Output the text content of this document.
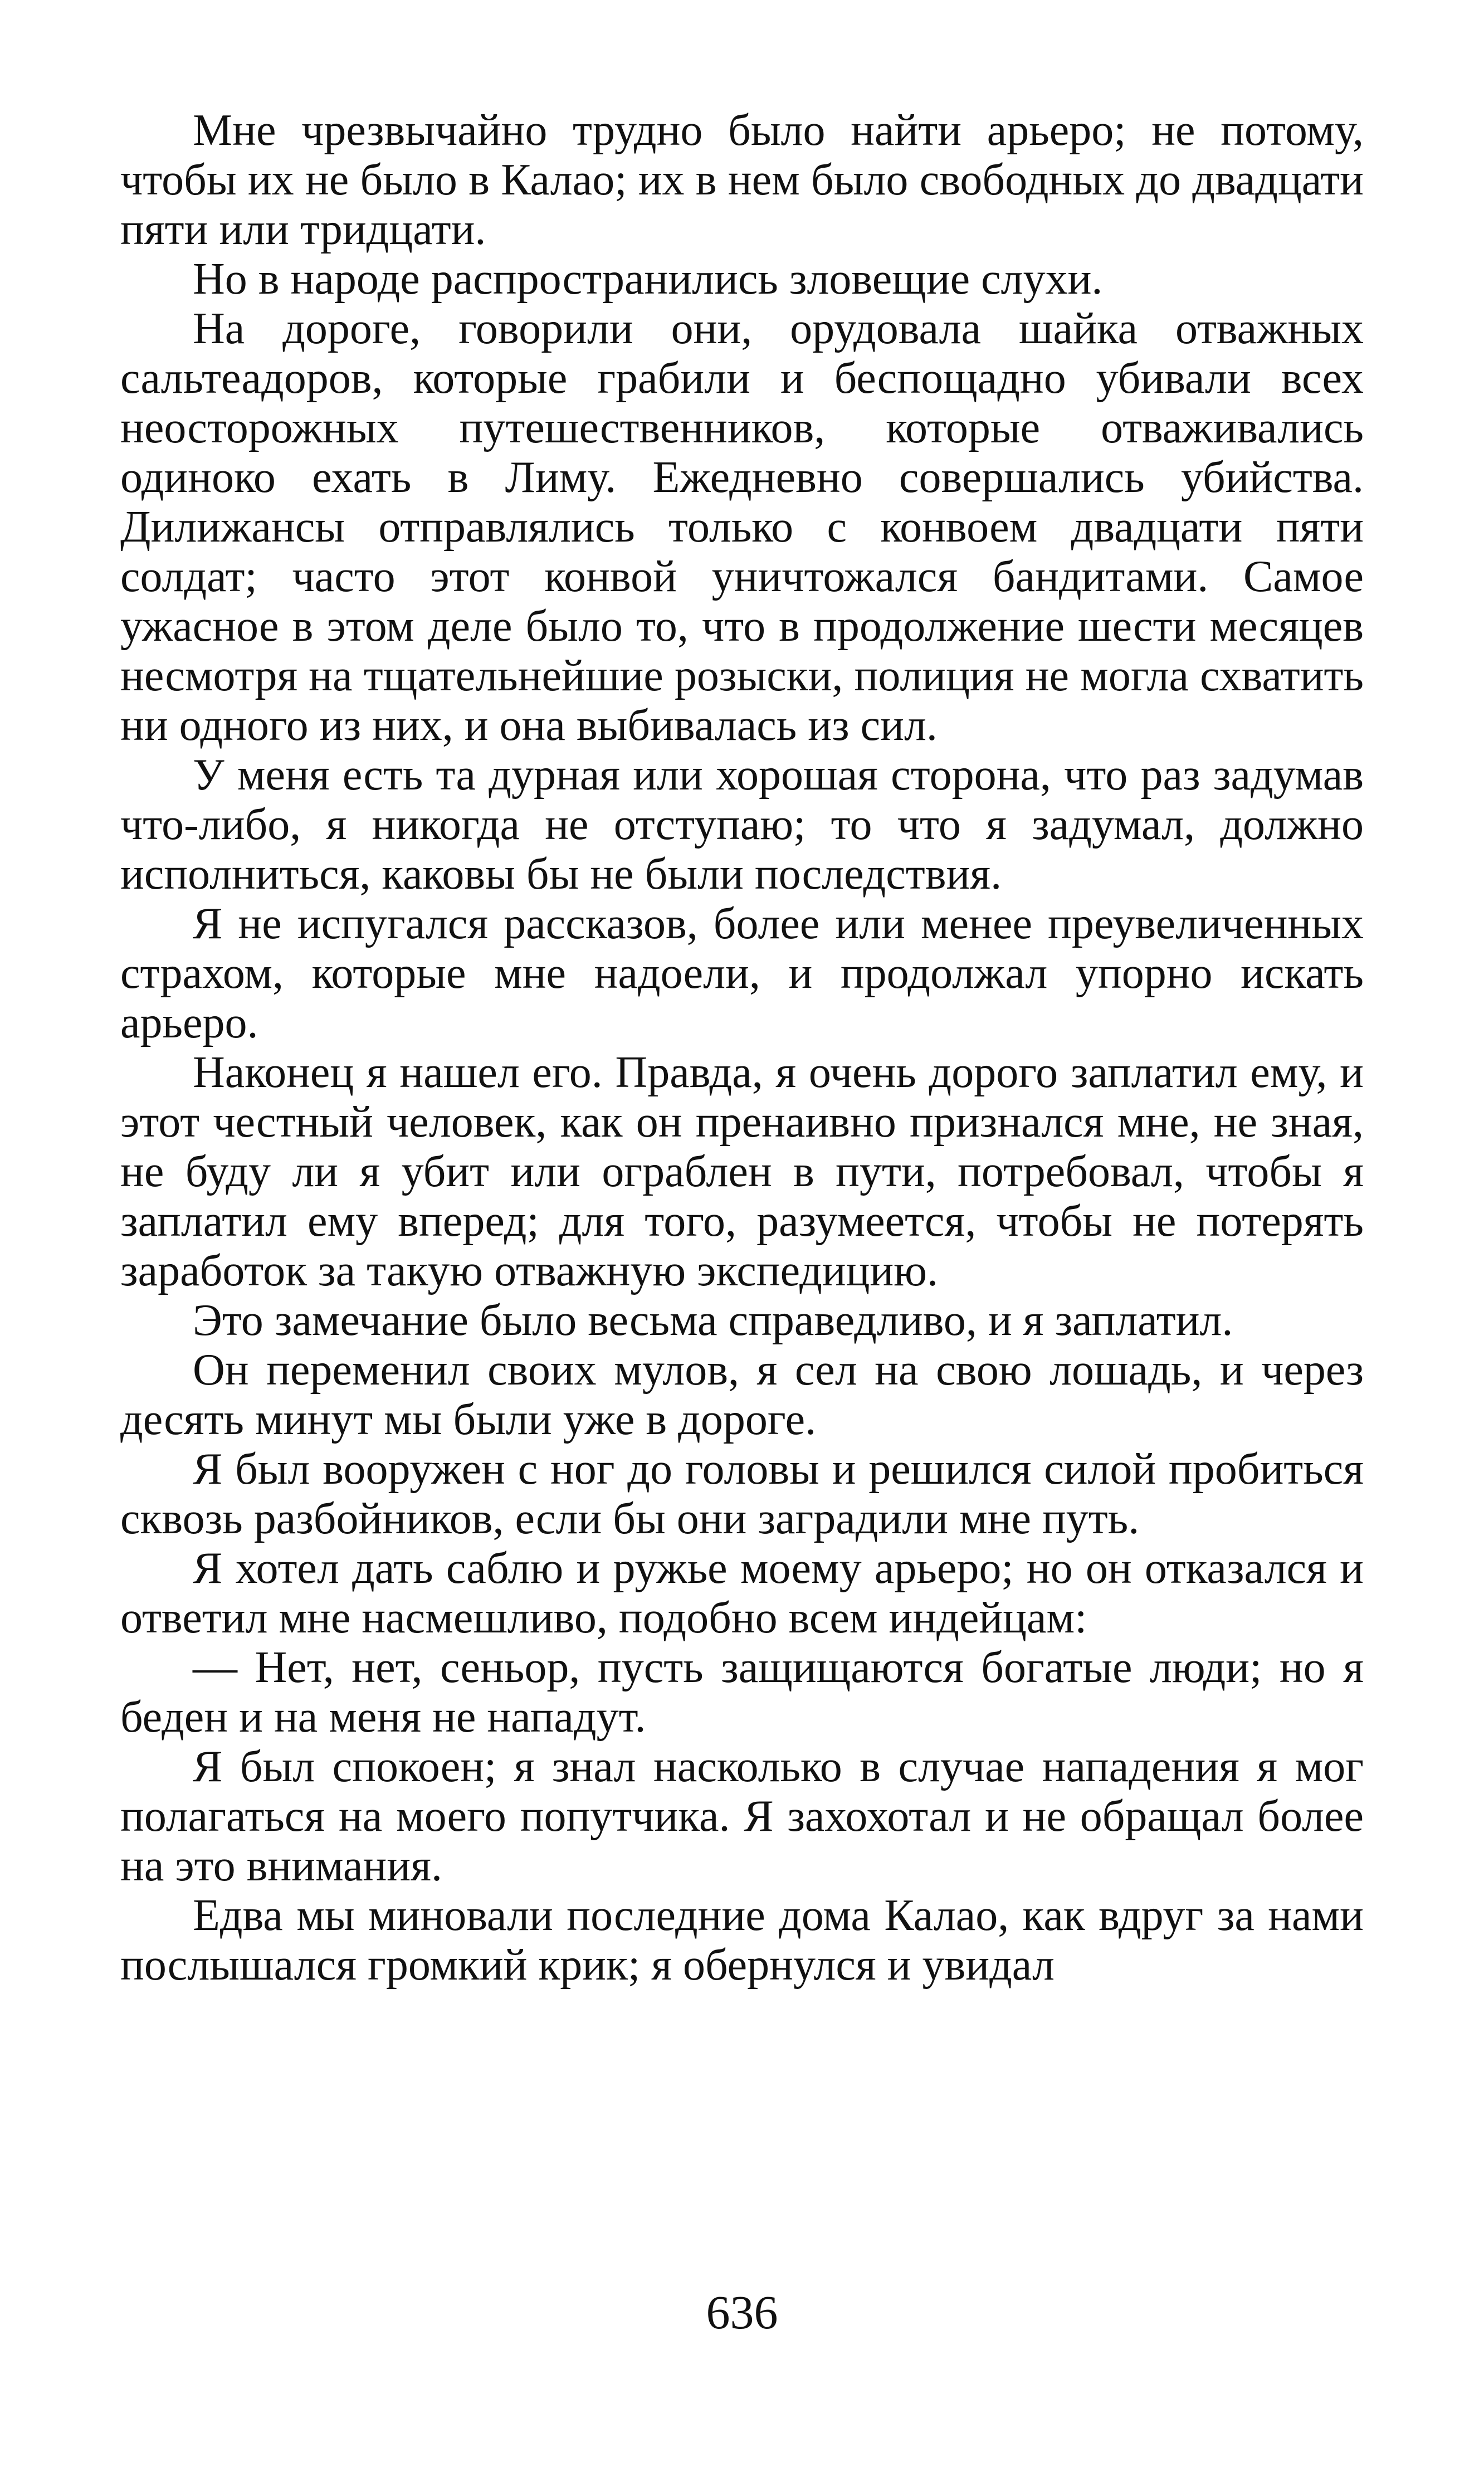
Мне чрезвычайно трудно было найти арьеро; не потому, чтобы их не было в Калао; их в нем было свободных до двадцати пяти или тридцати.

Но в народе распространились зловещие слухи.

На дороге, говорили они, орудовала шайка отважных сальтеадоров, которые грабили и беспощадно убивали всех неосторожных путешественников, которые отваживались одиноко ехать в Лиму. Ежедневно совершались убийства. Дилижансы отправлялись только с конвоем двадцати пяти солдат; часто этот конвой уничтожался бандитами. Самое ужасное в этом деле было то, что в продолжение шести месяцев несмотря на тщательнейшие розыски, полиция не могла схватить ни одного из них, и она выбивалась из сил.

У меня есть та дурная или хорошая сторона, что раз задумав что-либо, я никогда не отступаю; то что я задумал, должно исполниться, каковы бы не были последствия.

Я не испугался рассказов, более или менее преувеличенных страхом, которые мне надоели, и продолжал упорно искать арьеро.

Наконец я нашел его. Правда, я очень дорого заплатил ему, и этот честный человек, как он пренаивно признался мне, не зная, не буду ли я убит или ограблен в пути, потребовал, чтобы я заплатил ему вперед; для того, разумеется, чтобы не потерять заработок за такую отважную экспедицию.

Это замечание было весьма справедливо, и я заплатил.

Он переменил своих мулов, я сел на свою лошадь, и через десять минут мы были уже в дороге.

Я был вооружен с ног до головы и решился силой пробиться сквозь разбойников, если бы они заградили мне путь.

Я хотел дать саблю и ружье моему арьеро; но он отказался и ответил мне насмешливо, подобно всем индейцам:

— Нет, нет, сеньор, пусть защищаются богатые люди; но я беден и на меня не нападут.

Я был спокоен; я знал насколько в случае нападения я мог полагаться на моего попутчика. Я захохотал и не обращал более на это внимания.

Едва мы миновали последние дома Калао, как вдруг за нами послышался громкий крик; я обернулся и увидал

636
